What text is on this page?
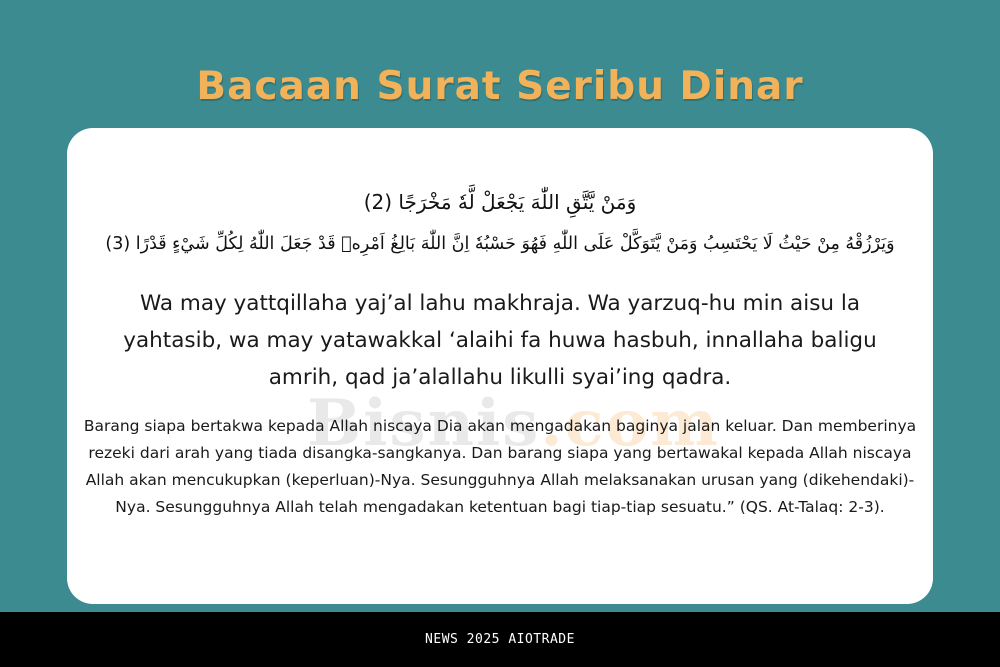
Bacaan Surat Seribu Dinar
وَمَنْ يَّتَّقِ اللّٰهَ يَجْعَلْ لَّهٗ مَخْرَجًا (2)
وَيَرْزُقْهُ مِنْ حَيْثُ لَا يَحْتَسِبُ وَمَنْ يَّتَوَكَّلْ عَلَى اللّٰهِ فَهُوَ حَسْبُهٗ اِنَّ اللّٰهَ بَالِغُ اَمْرِهٖ قَدْ جَعَلَ اللّٰهُ لِكُلِّ شَيْءٍ قَدْرًا (3)
Bisnis.com
Wa may yattqillaha yaj’al lahu makhraja. Wa yarzuq-hu min aisu la yahtasib, wa may yatawakkal ‘alaihi fa huwa hasbuh, innallaha baligu amrih, qad ja’alallahu likulli syai’ing qadra.
Barang siapa bertakwa kepada Allah niscaya Dia akan mengadakan baginya jalan keluar. Dan memberinya rezeki dari arah yang tiada disangka-sangkanya. Dan barang siapa yang bertawakal kepada Allah niscaya Allah akan mencukupkan (keperluan)-Nya. Sesungguhnya Allah melaksanakan urusan yang (dikehendaki)-Nya. Sesungguhnya Allah telah mengadakan ketentuan bagi tiap-tiap sesuatu.” (QS. At-Talaq: 2-3).
NEWS 2025 AIOTRADE
